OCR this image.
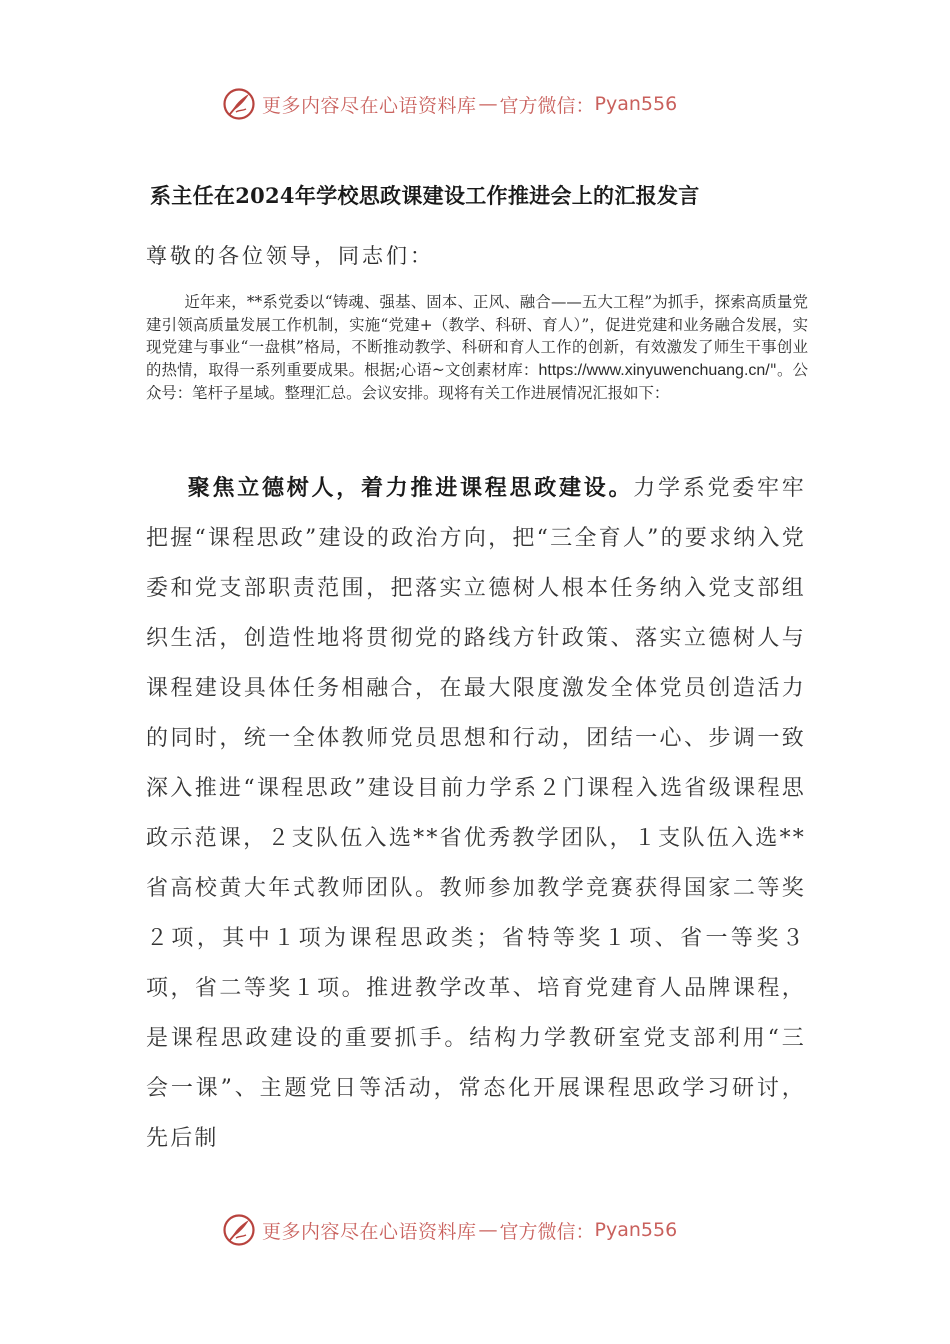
更多内容尽在心语资料库 — 官方微信： Pyan556
系主任在2024年学校思政课建设工作推进会上的汇报发言
尊敬的各位领导，同志们：

近年来，**系党委以“铸魂、强基、固本、正风、融合——五大工程”为抓手，探索高质量党建引领高质量发展工作机制，实施“党建+（教学、科研、育人）”，促进党建和业务融合发展，实现党建与事业“一盘棋”格局，不断推动教学、科研和育人工作的创新，有效激发了师生干事创业的热情，取得一系列重要成果。根据;心语~文创素材库：https://www.xinyuwenchuang.cn/"。公众号：笔杆子星域。整理汇总。会议安排。现将有关工作进展情况汇报如下：

聚焦立德树人，着力推进课程思政建设。力学系党委牢牢把握“课程思政”建设的政治方向，把“三全育人”的要求纳入党委和党支部职责范围，把落实立德树人根本任务纳入党支部组织生活，创造性地将贯彻党的路线方针政策、落实立德树人与课程建设具体任务相融合，在最大限度激发全体党员创造活力的同时，统一全体教师党员思想和行动，团结一心、步调一致深入推进“课程思政”建设目前力学系２门课程入选省级课程思政示范课，２支队伍入选**省优秀教学团队，１支队伍入选**省高校黄大年式教师团队。教师参加教学竞赛获得国家二等奖２项，其中１项为课程思政类；省特等奖１项、省一等奖３项，省二等奖１项。推进教学改革、培育党建育人品牌课程，是课程思政建设的重要抓手。结构力学教研室党支部利用“三会一课”、主题党日等活动，常态化开展课程思政学习研讨，先后制

更多内容尽在心语资料库 — 官方微信： Pyan556
